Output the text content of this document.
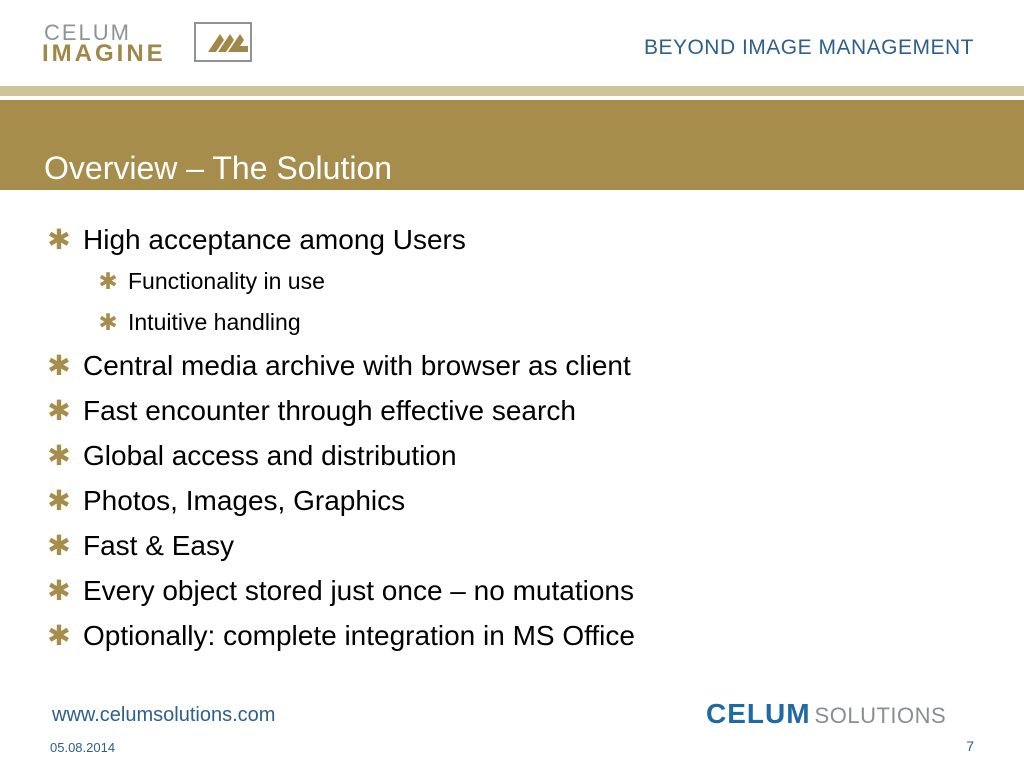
CELUM
IMAGINE	BEYOND IMAGE MANAGEMENT
Overview – The Solution
✱ High acceptance among Users
✱ Functionality in use
✱ Intuitive handling
✱ Central media archive with browser as client
✱ Fast encounter through effective search
✱ Global access and distribution
✱ Photos, Images, Graphics
✱ Fast & Easy
✱ Every object stored just once – no mutations
✱ Optionally: complete integration in MS Office
www.celumsolutions.com
05.08.2014	7
CELUM SOLUTIONS
